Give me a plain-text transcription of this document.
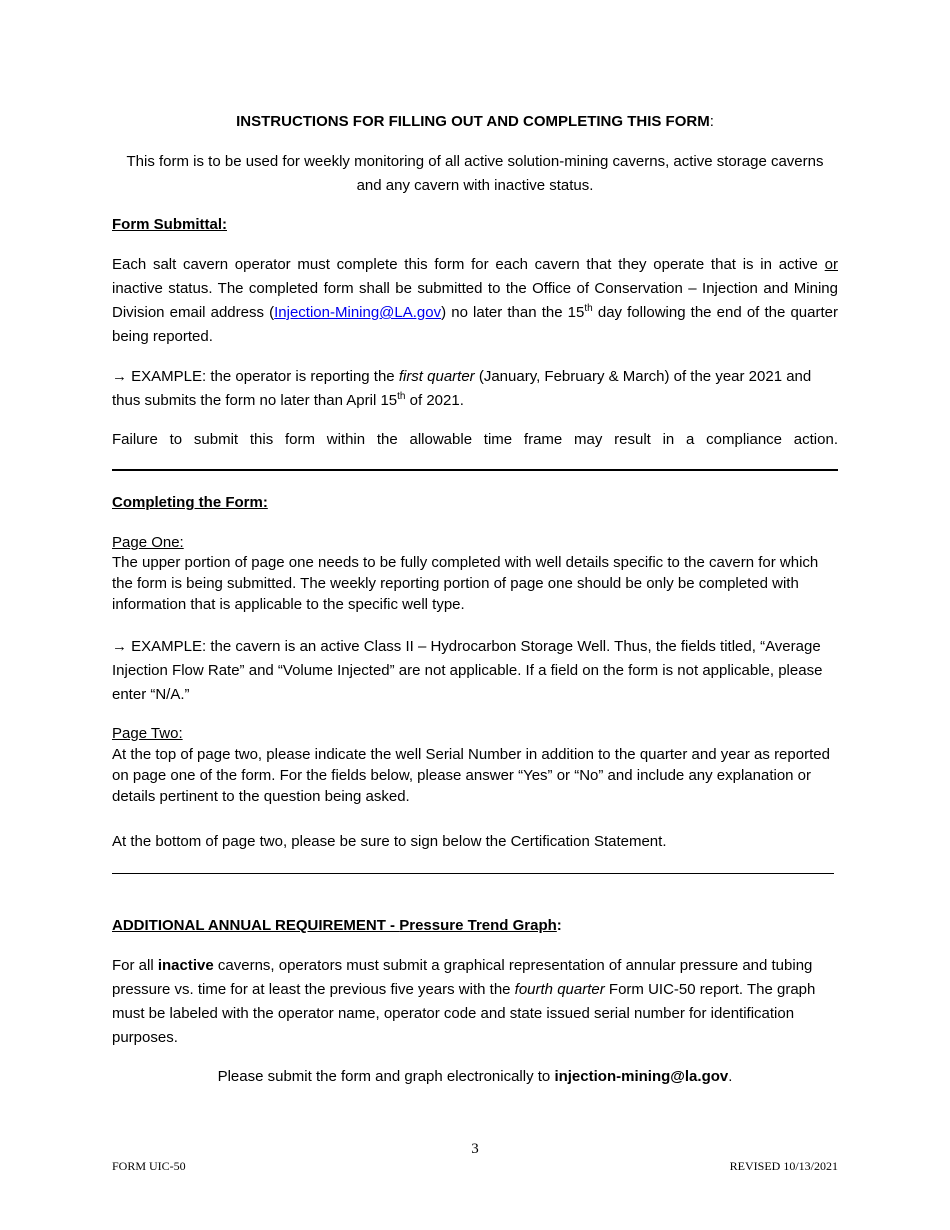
INSTRUCTIONS FOR FILLING OUT AND COMPLETING THIS FORM:
This form is to be used for weekly monitoring of all active solution-mining caverns, active storage caverns and any cavern with inactive status.
Form Submittal:
Each salt cavern operator must complete this form for each cavern that they operate that is in active or inactive status. The completed form shall be submitted to the Office of Conservation – Injection and Mining Division email address (Injection-Mining@LA.gov) no later than the 15th day following the end of the quarter being reported.
→ EXAMPLE: the operator is reporting the first quarter (January, February & March) of the year 2021 and thus submits the form no later than April 15th of 2021.
Failure to submit this form within the allowable time frame may result in a compliance action.
Completing the Form:
Page One:
The upper portion of page one needs to be fully completed with well details specific to the cavern for which the form is being submitted. The weekly reporting portion of page one should be only be completed with information that is applicable to the specific well type.
→ EXAMPLE: the cavern is an active Class II – Hydrocarbon Storage Well. Thus, the fields titled, “Average Injection Flow Rate” and “Volume Injected” are not applicable. If a field on the form is not applicable, please enter “N/A.”
Page Two:
At the top of page two, please indicate the well Serial Number in addition to the quarter and year as reported on page one of the form. For the fields below, please answer “Yes” or “No” and include any explanation or details pertinent to the question being asked.
At the bottom of page two, please be sure to sign below the Certification Statement.
ADDITIONAL ANNUAL REQUIREMENT - Pressure Trend Graph:
For all inactive caverns, operators must submit a graphical representation of annular pressure and tubing pressure vs. time for at least the previous five years with the fourth quarter Form UIC-50 report. The graph must be labeled with the operator name, operator code and state issued serial number for identification purposes.
Please submit the form and graph electronically to injection-mining@la.gov.
3
FORM UIC-50	REVISED 10/13/2021
